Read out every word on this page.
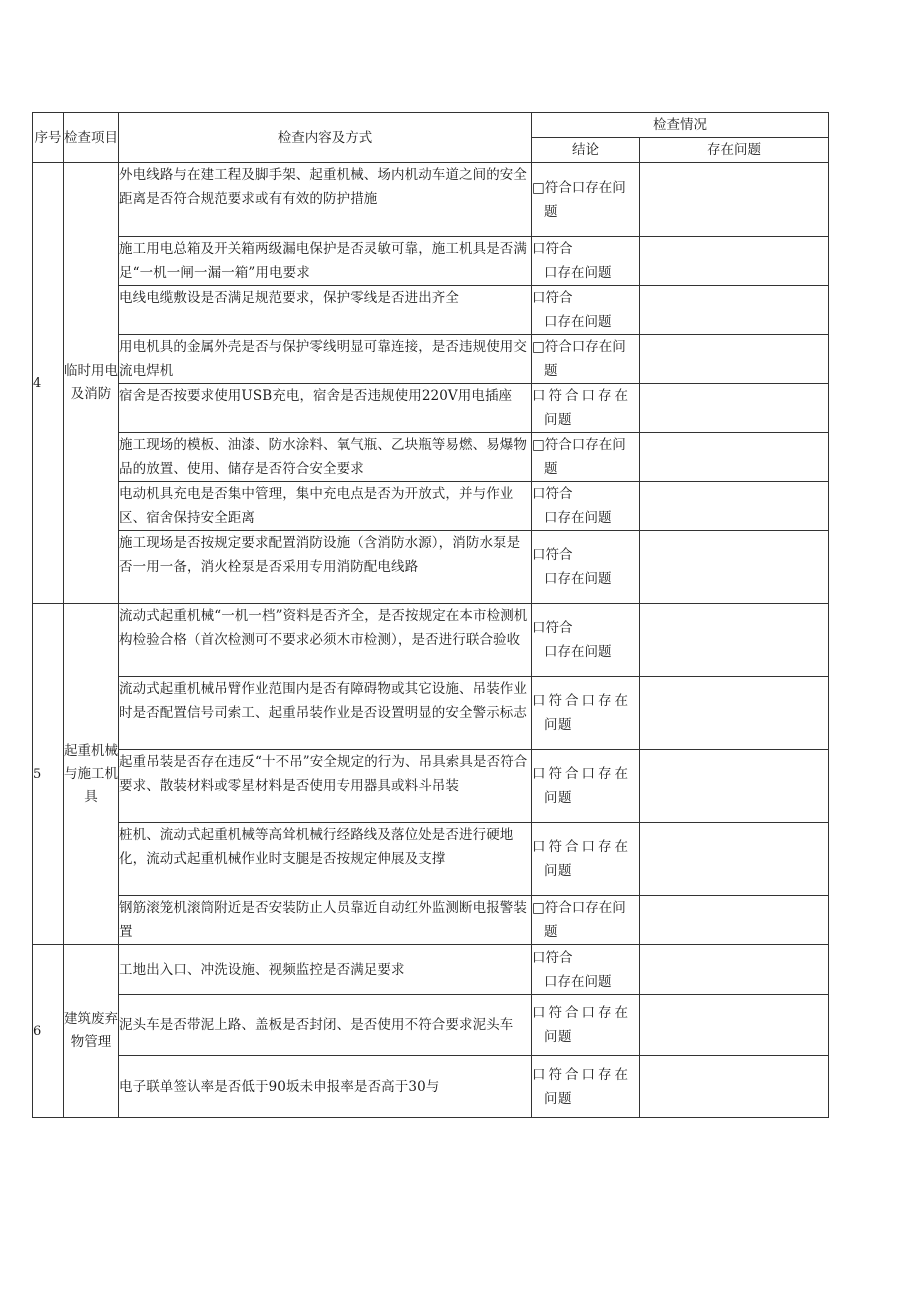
序号	检查项目	检查内容及方式	检查情况	
			结论	存在问题
4	临时用电及消防	外电线路与在建工程及脚手架、起重机械、场内机动车道之间的安全距离是否符合规范要求或有有效的防护措施	□符合口存在问
题	

		施工用电总箱及开关箱两级漏电保护是否灵敏可靠，施工机具是否满足“一机一闸一漏一箱”用电要求	口符合
口存在问题	

		电线电缆敷设是否满足规范要求，保护零线是否进出齐全	口符合
口存在问题	

		用电机具的金属外壳是否与保护零线明显可靠连接，是否违规使用交流电焊机	□符合口存在问
题	

		宿舍是否按要求使用USB充电，宿舍是否违规使用220V用电插座	口符合口存在
问题	

		施工现场的模板、油漆、防水涂料、氧气瓶、乙块瓶等易燃、易爆物品的放置、使用、储存是否符合安全要求	□符合口存在问
题	

		电动机具充电是否集中管理，集中充电点是否为开放式，并与作业区、宿舍保持安全距离	口符合
口存在问题	

		施工现场是否按规定要求配置消防设施（含消防水源），消防水泵是否一用一备，消火栓泵是否采用专用消防配电线路	口符合
口存在问题	

5	起重机械与施工机具	流动式起重机械“一机一档”资料是否齐全，是否按规定在本市检测机构检验合格（首次检测可不要求必须木市检测），是否进行联合验收	口符合
口存在问题	

		流动式起重机械吊臂作业范围内是否有障碍物或其它设施、吊装作业时是否配置信号司索工、起重吊装作业是否设置明显的安全警示标志	口符合口存在
问题	

		起重吊装是否存在违反“十不吊”安全规定的行为、吊具索具是否符合要求、散装材料或零星材料是否使用专用器具或料斗吊装	口符合口存在
问题	

		桩机、流动式起重机械等高耸机械行经路线及落位处是否进行硬地化，流动式起重机械作业时支腿是否按规定伸展及支撑	口符合口存在
问题	

		钢筋滚笼机滚筒附近是否安装防止人员靠近自动红外监测断电报警装置	□符合口存在问
题	

6	建筑废弃物管理	工地出入口、冲洗设施、视频监控是否满足要求	口符合
口存在问题	

		泥头车是否带泥上路、盖板是否封闭、是否使用不符合要求泥头车	口符合口存在
问题	

		电子联单签认率是否低于90坂未申报率是否高于30与	口符合口存在
问题	
